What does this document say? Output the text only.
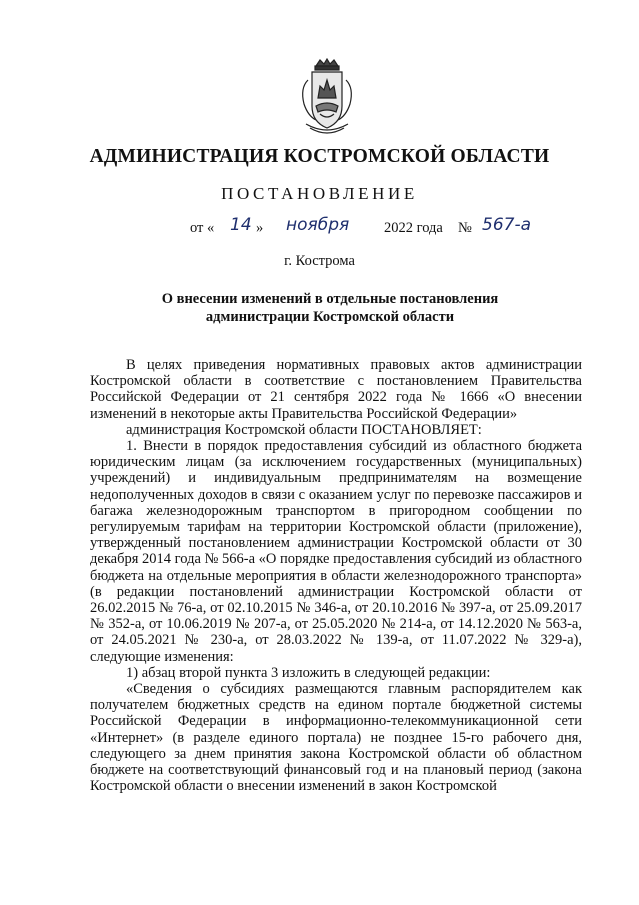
АДМИНИСТРАЦИЯ КОСТРОМСКОЙ ОБЛАСТИ
ПОСТАНОВЛЕНИЕ
от « 14 » ноября 2022 года № 567-а
г. Кострома
О внесении изменений в отдельные постановления
администрации Костромской области

В целях приведения нормативных правовых актов администрации Костромской области в соответствие с постановлением Правительства Российской Федерации от 21 сентября 2022 года № 1666 «О внесении изменений в некоторые акты Правительства Российской Федерации»

администрация Костромской области ПОСТАНОВЛЯЕТ:

1. Внести в порядок предоставления субсидий из областного бюджета юридическим лицам (за исключением государственных (муниципальных) учреждений) и индивидуальным предпринимателям на возмещение недополученных доходов в связи с оказанием услуг по перевозке пассажиров и багажа железнодорожным транспортом в пригородном сообщении по регулируемым тарифам на территории Костромской области (приложение), утвержденный постановлением администрации Костромской области от 30 декабря 2014 года № 566-а «О порядке предоставления субсидий из областного бюджета на отдельные мероприятия в области железнодорожного транспорта» (в редакции постановлений администрации Костромской области от 26.02.2015 № 76-а, от 02.10.2015 № 346-а, от 20.10.2016 № 397-а, от 25.09.2017 № 352-а, от 10.06.2019 № 207-а, от 25.05.2020 № 214-а, от 14.12.2020 № 563-а, от 24.05.2021 № 230-а, от 28.03.2022 № 139-а, от 11.07.2022 № 329-а), следующие изменения:

1) абзац второй пункта 3 изложить в следующей редакции:

«Сведения о субсидиях размещаются главным распорядителем как получателем бюджетных средств на едином портале бюджетной системы Российской Федерации в информационно-телекоммуникационной сети «Интернет» (в разделе единого портала) не позднее 15-го рабочего дня, следующего за днем принятия закона Костромской области об областном бюджете на соответствующий финансовый год и на плановый период (закона Костромской области о внесении изменений в закон Костромской
